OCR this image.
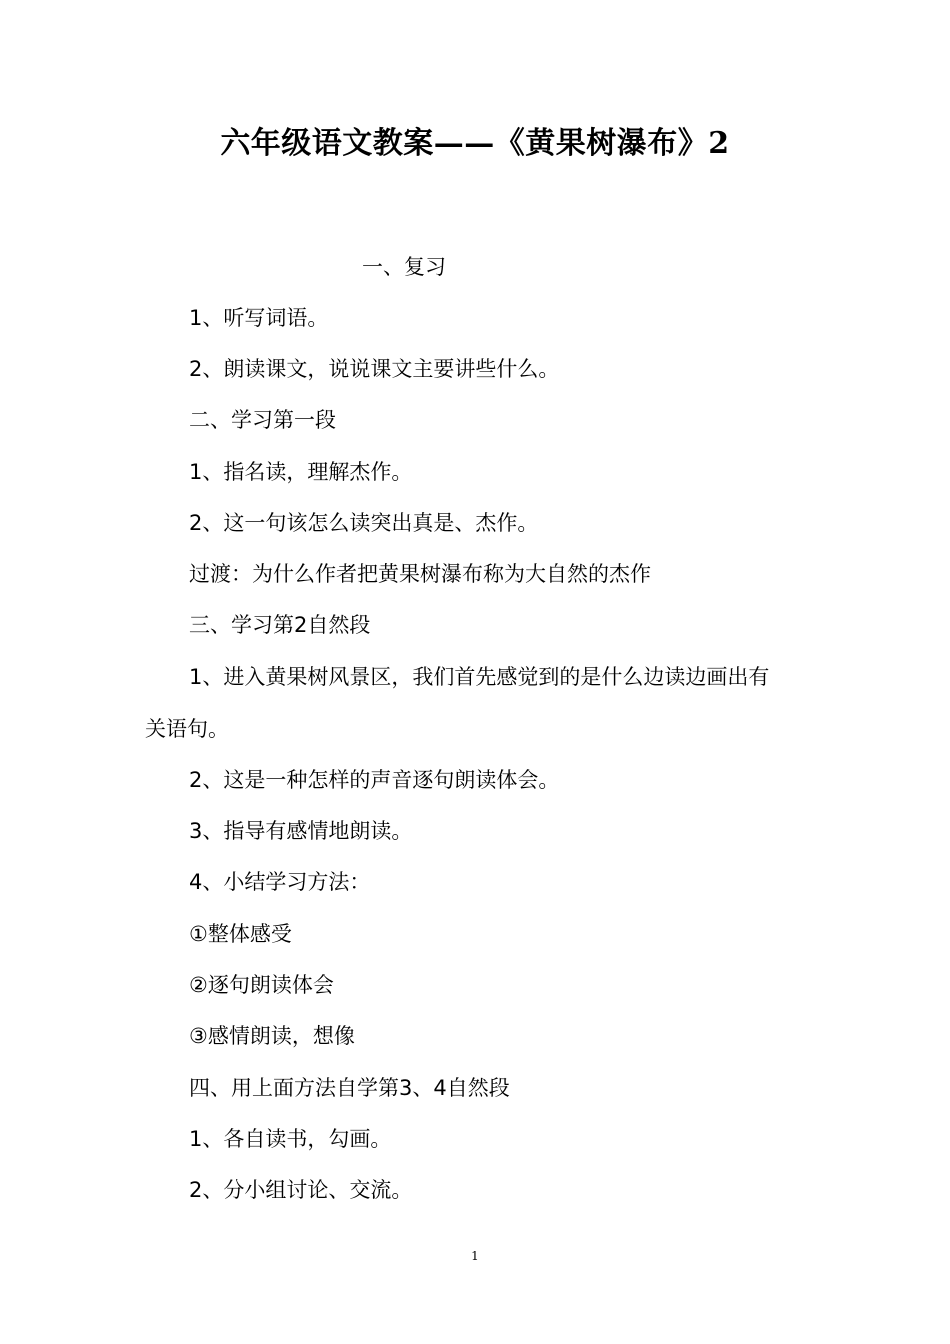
六年级语文教案——《黄果树瀑布》2
一、复习
1、听写词语。
2、朗读课文，说说课文主要讲些什么。
二、学习第一段
1、指名读，理解杰作。
2、这一句该怎么读突出真是、杰作。
过渡：为什么作者把黄果树瀑布称为大自然的杰作
三、学习第2自然段
1、进入黄果树风景区，我们首先感觉到的是什么边读边画出有
关语句。
2、这是一种怎样的声音逐句朗读体会。
3、指导有感情地朗读。
4、小结学习方法：
①整体感受
②逐句朗读体会
③感情朗读，想像
四、用上面方法自学第3、4自然段
1、各自读书，勾画。
2、分小组讨论、交流。
1
